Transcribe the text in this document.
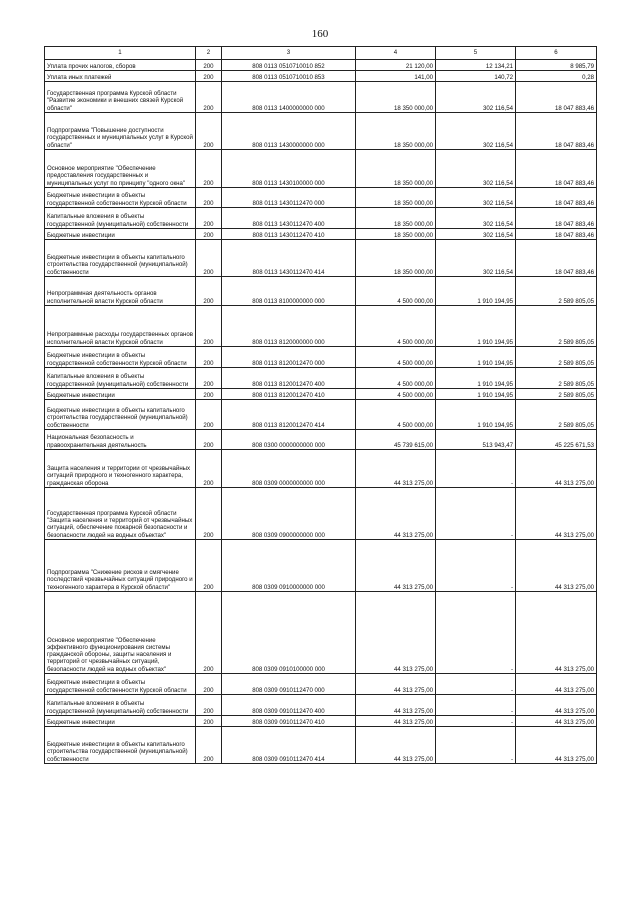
160
1	2	3	4	5	6
Уплата прочих налогов, сборов	200	808 0113 0510710010 852	21 120,00	12 134,21	8 985,79
Уплата иных платежей	200	808 0113 0510710010 853	141,00	140,72	0,28
Государственная программа Курской области "Развитие экономики и внешних связей Курской области"	200	808 0113 1400000000 000	18 350 000,00	302 116,54	18 047 883,46
Подпрограмма "Повышение доступности государственных и муниципальных услуг в Курской области"	200	808 0113 1430000000 000	18 350 000,00	302 116,54	18 047 883,46
Основное мероприятие "Обеспечение предоставления государственных и муниципальных услуг по принципу "одного окна"	200	808 0113 1430100000 000	18 350 000,00	302 116,54	18 047 883,46
Бюджетные инвестиции в объекты государственной собственности Курской области	200	808 0113 1430112470 000	18 350 000,00	302 116,54	18 047 883,46
Капитальные вложения в объекты государственной (муниципальной) собственности	200	808 0113 1430112470 400	18 350 000,00	302 116,54	18 047 883,46
Бюджетные инвестиции	200	808 0113 1430112470 410	18 350 000,00	302 116,54	18 047 883,46
Бюджетные инвестиции в объекты капитального строительства государственной (муниципальной) собственности	200	808 0113 1430112470 414	18 350 000,00	302 116,54	18 047 883,46
Непрограммная деятельность органов исполнительной власти Курской области	200	808 0113 8100000000 000	4 500 000,00	1 910 194,95	2 589 805,05
Непрограммные расходы государственных органов исполнительной власти Курской области	200	808 0113 8120000000 000	4 500 000,00	1 910 194,95	2 589 805,05
Бюджетные инвестиции в объекты государственной собственности Курской области	200	808 0113 8120012470 000	4 500 000,00	1 910 194,95	2 589 805,05
Капитальные вложения в объекты государственной (муниципальной) собственности	200	808 0113 8120012470 400	4 500 000,00	1 910 194,95	2 589 805,05
Бюджетные инвестиции	200	808 0113 8120012470 410	4 500 000,00	1 910 194,95	2 589 805,05
Бюджетные инвестиции в объекты капитального строительства государственной (муниципальной) собственности	200	808 0113 8120012470 414	4 500 000,00	1 910 194,95	2 589 805,05
Национальная безопасность и правоохранительная деятельность	200	808 0300 0000000000 000	45 739 615,00	513 943,47	45 225 671,53
Защита населения и территории от чрезвычайных ситуаций природного и техногенного характера, гражданская оборона	200	808 0309 0000000000 000	44 313 275,00	-	44 313 275,00
Государственная программа Курской области "Защита населения и территорий от чрезвычайных ситуаций, обеспечение пожарной безопасности и безопасности людей на водных объектах"	200	808 0309 0900000000 000	44 313 275,00	-	44 313 275,00
Подпрограмма "Снижение рисков и смягчение последствий чрезвычайных ситуаций природного и техногенного характера в Курской области"	200	808 0309 0910000000 000	44 313 275,00	-	44 313 275,00
Основное мероприятие "Обеспечение эффективного функционирования системы гражданской обороны, защиты населения и территорий от чрезвычайных ситуаций, безопасности людей на водных объектах"	200	808 0309 0910100000 000	44 313 275,00	-	44 313 275,00
Бюджетные инвестиции в объекты государственной собственности Курской области	200	808 0309 0910112470 000	44 313 275,00	-	44 313 275,00
Капитальные вложения в объекты государственной (муниципальной) собственности	200	808 0309 0910112470 400	44 313 275,00	-	44 313 275,00
Бюджетные инвестиции	200	808 0309 0910112470 410	44 313 275,00	-	44 313 275,00
Бюджетные инвестиции в объекты капитального строительства государственной (муниципальной) собственности	200	808 0309 0910112470 414	44 313 275,00	-	44 313 275,00
